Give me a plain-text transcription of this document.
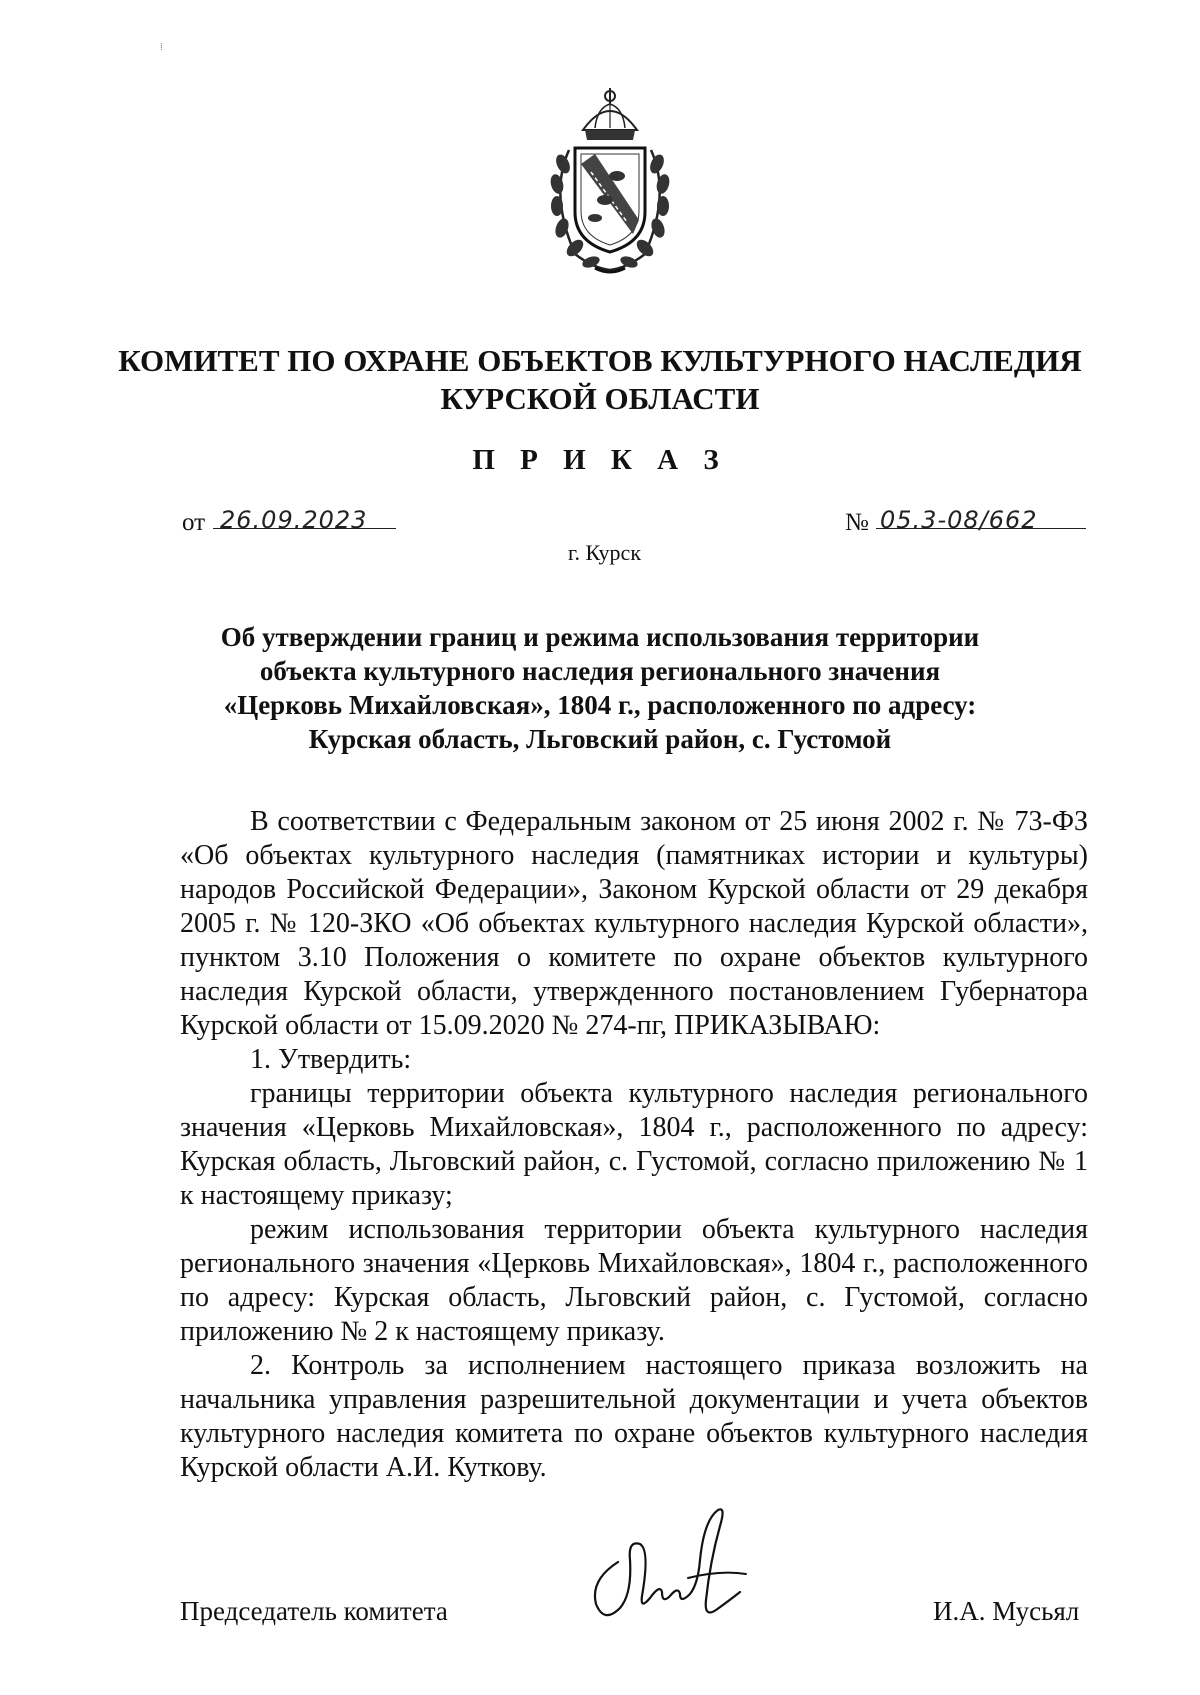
⁞
КОМИТЕТ ПО ОХРАНЕ ОБЪЕКТОВ КУЛЬТУРНОГО НАСЛЕДИЯ
КУРСКОЙ ОБЛАСТИ
П Р И К А З
от 26.09.2023	№ 05.3-08/662
г. Курск
Об утверждении границ и режима использования территории
объекта культурного наследия регионального значения
«Церковь Михайловская», 1804 г., расположенного по адресу:
Курская область, Льговский район, с. Густомой

В соответствии с Федеральным законом от 25 июня 2002 г. № 73-ФЗ «Об объектах культурного наследия (памятниках истории и культуры) народов Российской Федерации», Законом Курской области от 29 декабря 2005 г. № 120-ЗКО «Об объектах культурного наследия Курской области», пунктом 3.10 Положения о комитете по охране объектов культурного наследия Курской области, утвержденного постановлением Губернатора Курской области от 15.09.2020 № 274-пг, ПРИКАЗЫВАЮ:

1. Утвердить:

границы территории объекта культурного наследия регионального значения «Церковь Михайловская», 1804 г., расположенного по адресу: Курская область, Льговский район, с. Густомой, согласно приложению № 1 к настоящему приказу;

режим использования территории объекта культурного наследия регионального значения «Церковь Михайловская», 1804 г., расположенного по адресу: Курская область, Льговский район, с. Густомой, согласно приложению № 2 к настоящему приказу.

2. Контроль за исполнением настоящего приказа возложить на начальника управления разрешительной документации и учета объектов культурного наследия комитета по охране объектов культурного наследия Курской области А.И. Куткову.

Председатель комитета	И.А. Мусьял
